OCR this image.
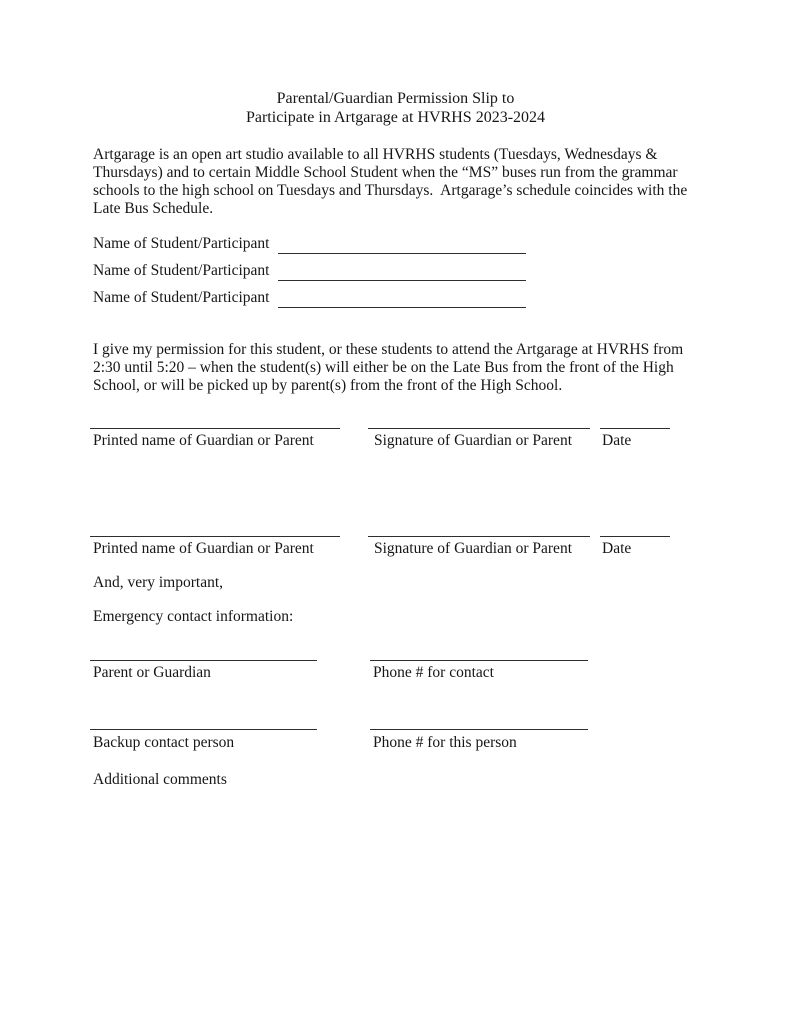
Parental/Guardian Permission Slip to
Participate in Artgarage at HVRHS 2023-2024
Artgarage is an open art studio available to all HVRHS students (Tuesdays, Wednesdays &
Thursdays) and to certain Middle School Student when the “MS” buses run from the grammar
schools to the high school on Tuesdays and Thursdays.  Artgarage’s schedule coincides with the
Late Bus Schedule.
Name of Student/Participant
Name of Student/Participant
Name of Student/Participant
I give my permission for this student, or these students to attend the Artgarage at HVRHS from
2:30 until 5:20 – when the student(s) will either be on the Late Bus from the front of the High
School, or will be picked up by parent(s) from the front of the High School.
Printed name of Guardian or Parent	Signature of Guardian or Parent Date
Printed name of Guardian or Parent	Signature of Guardian or Parent Date
And, very important,
Emergency contact information:
Parent or Guardian	Phone # for contact
Backup contact person	Phone # for this person
Additional comments
